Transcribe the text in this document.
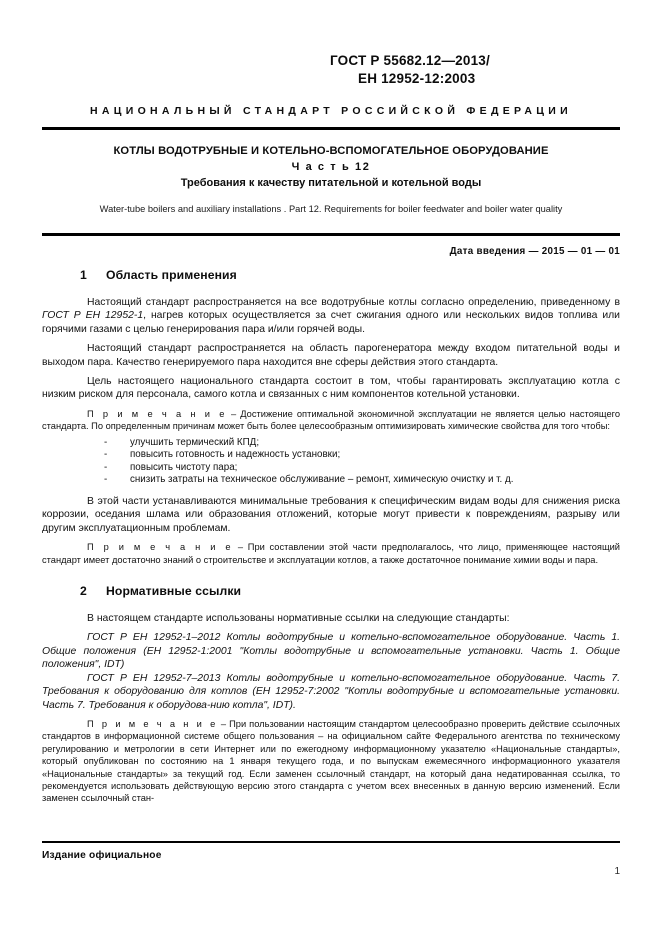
ГОСТ Р 55682.12—2013/
ЕН 12952-12:2003
НАЦИОНАЛЬНЫЙ СТАНДАРТ РОССИЙСКОЙ ФЕДЕРАЦИИ
КОТЛЫ ВОДОТРУБНЫЕ И КОТЕЛЬНО-ВСПОМОГАТЕЛЬНОЕ ОБОРУДОВАНИЕ
Ч а с т ь 12
Требования к качеству питательной и котельной воды
Water-tube boilers and auxiliary installations . Part 12. Requirements for boiler feedwater and boiler water quality
Дата введения — 2015 — 01 — 01
1 Область применения

Настоящий стандарт распространяется на все водотрубные котлы согласно определению, приведенному в ГОСТ Р ЕН 12952-1, нагрев которых осуществляется за счет сжигания одного или нескольких видов топлива или горячими газами с целью генерирования пара и/или горячей воды.

Настоящий стандарт распространяется на область парогенератора между входом питательной воды и выходом пара. Качество генерируемого пара находится вне сферы действия этого стандарта.

Цель настоящего национального стандарта состоит в том, чтобы гарантировать эксплуатацию котла с низким риском для персонала, самого котла и связанных с ним компонентов котельной установки.

П р и м е ч а н и е – Достижение оптимальной экономичной эксплуатации не является целью настоящего стандарта. По определенным причинам может быть более целесообразным оптимизировать химические свойства для того чтобы:

- улучшить термический КПД;
- повысить готовность и надежность установки;
- повысить чистоту пара;
- снизить затраты на техническое обслуживание – ремонт, химическую очистку и т. д.

В этой части устанавливаются минимальные требования к специфическим видам воды для снижения риска коррозии, оседания шлама или образования отложений, которые могут привести к повреждениям, разрыву или другим эксплуатационным проблемам.

П р и м е ч а н и е – При составлении этой части предполагалось, что лицо, применяющее настоящий стандарт имеет достаточно знаний о строительстве и эксплуатации котлов, а также достаточное понимание химии воды и пара.

2 Нормативные ссылки

В настоящем стандарте использованы нормативные ссылки на следующие стандарты:

ГОСТ Р ЕН 12952-1–2012 Котлы водотрубные и котельно-вспомогательное оборудование. Часть 1. Общие положения (ЕН 12952-1:2001 "Котлы водотрубные и вспомогательные установки. Часть 1. Общие положения", IDT)

ГОСТ Р ЕН 12952-7–2013 Котлы водотрубные и котельно-вспомогательное оборудование. Часть 7. Требования к оборудованию для котлов (ЕН 12952-7:2002 "Котлы водотрубные и вспомогательные установки. Часть 7. Требования к оборудова-нию котла", IDT).

П р и м е ч а н и е – При пользовании настоящим стандартом целесообразно проверить действие ссылочных стандартов в информационной системе общего пользования – на официальном сайте Федерального агентства по техническому регулированию и метрологии в сети Интернет или по ежегодному информационному указателю «Национальные стандарты», который опубликован по состоянию на 1 января текущего года, и по выпускам ежемесячного информационного указателя «Национальные стандарты» за текущий год. Если заменен ссылочный стандарт, на который дана недатированная ссылка, то рекомендуется использовать действующую версию этого стандарта с учетом всех внесенных в данную версию изменений. Если заменен ссылочный стан-

Издание официальное
1
